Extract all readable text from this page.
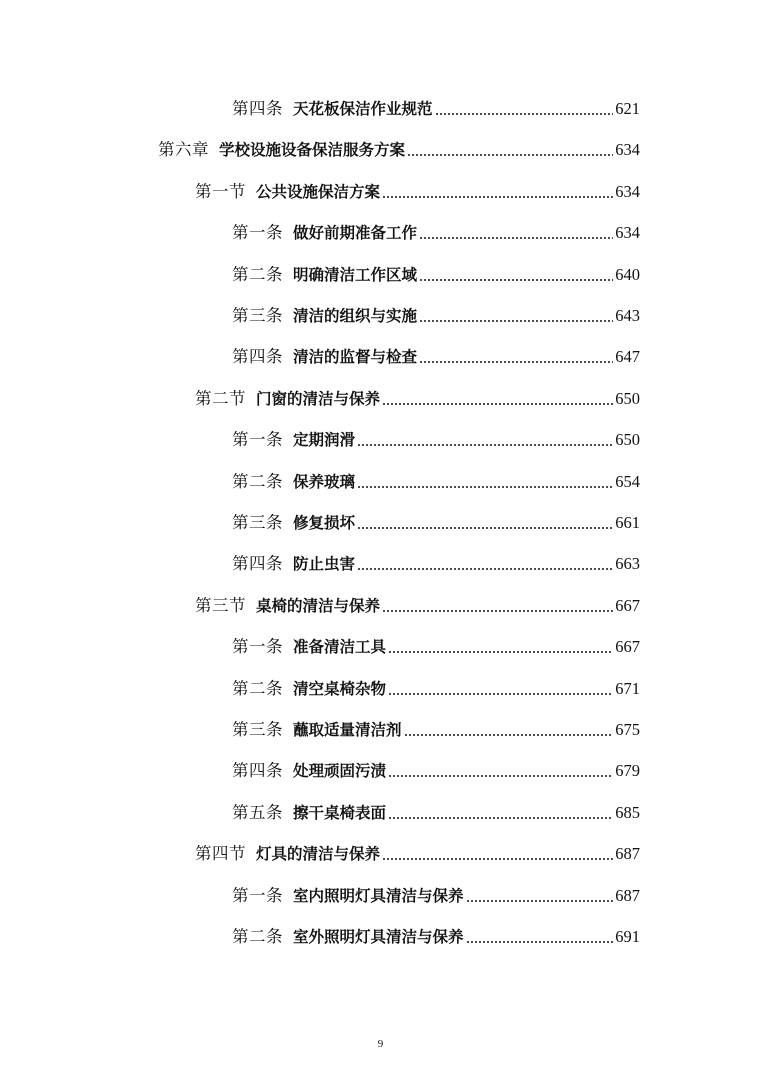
第四条 天花板保洁作业规范	621
第六章 学校设施设备保洁服务方案	634
第一节 公共设施保洁方案	634
第一条 做好前期准备工作	634
第二条 明确清洁工作区域	640
第三条 清洁的组织与实施	643
第四条 清洁的监督与检查	647
第二节 门窗的清洁与保养	650
第一条 定期润滑	650
第二条 保养玻璃	654
第三条 修复损坏	661
第四条 防止虫害	663
第三节 桌椅的清洁与保养	667
第一条 准备清洁工具	667
第二条 清空桌椅杂物	671
第三条 蘸取适量清洁剂	675
第四条 处理顽固污渍	679
第五条 擦干桌椅表面	685
第四节 灯具的清洁与保养	687
第一条 室内照明灯具清洁与保养	687
第二条 室外照明灯具清洁与保养	691
9
